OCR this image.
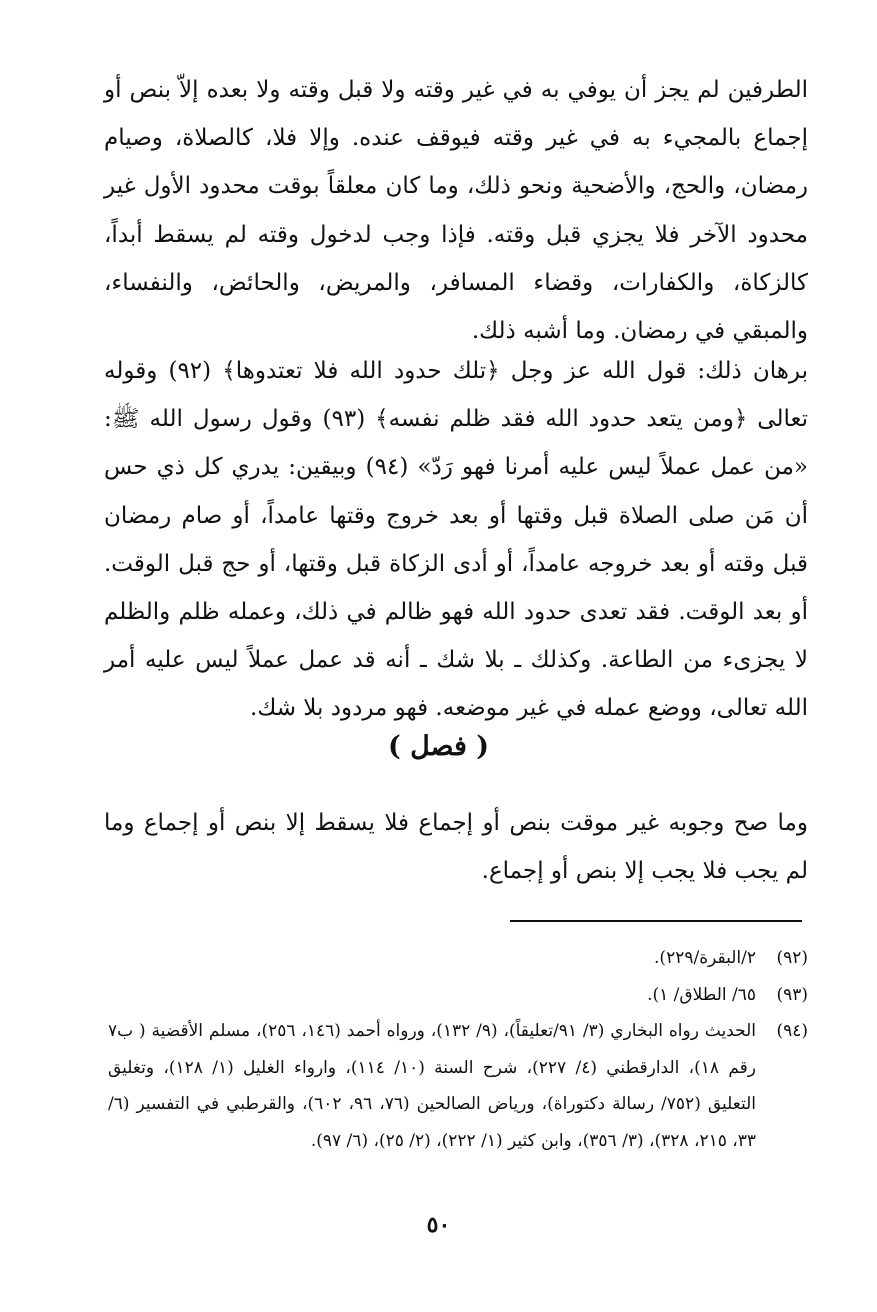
الطرفين لم يجز أن يوفي به في غير وقته ولا قبل وقته ولا بعده إلاّ بنص أو إجماع بالمجيء به في غير وقته فيوقف عنده. وإلا فلا، كالصلاة، وصيام رمضان، والحج، والأضحية ونحو ذلك، وما كان معلقاً بوقت محدود الأول غير محدود الآخر فلا يجزي قبل وقته. فإذا وجب لدخول وقته لم يسقط أبداً، كالزكاة، والكفارات، وقضاء المسافر، والمريض، والحائض، والنفساء، والمبقي في رمضان. وما أشبه ذلك.

برهان ذلك: قول الله عز وجل ﴿تلك حدود الله فلا تعتدوها﴾ (٩٢) وقوله تعالى ﴿ومن يتعد حدود الله فقد ظلم نفسه﴾ (٩٣) وقول رسول الله ﷺ: «من عمل عملاً ليس عليه أمرنا فهو رَدّ» (٩٤) وبيقين: يدري كل ذي حس أن مَن صلى الصلاة قبل وقتها أو بعد خروج وقتها عامداً، أو صام رمضان قبل وقته أو بعد خروجه عامداً، أو أدى الزكاة قبل وقتها، أو حج قبل الوقت. أو بعد الوقت. فقد تعدى حدود الله فهو ظالم في ذلك، وعمله ظلم والظلم لا يجزىء من الطاعة. وكذلك ـ بلا شك ـ أنه قد عمل عملاً ليس عليه أمر الله تعالى، ووضع عمله في غير موضعه. فهو مردود بلا شك.

( فصل )

وما صح وجوبه غير موقت بنص أو إجماع فلا يسقط إلا بنص أو إجماع وما لم يجب فلا يجب إلا بنص أو إجماع.

(٩٢)
٢/البقرة/٢٢٩).
(٩٣)
٦٥/ الطلاق/ ١).
(٩٤)
الحديث رواه البخاري (٣/ ٩١/تعليقاً)، (٩/ ١٣٢)، ورواه أحمد (١٤٦، ٢٥٦)، مسلم الأقضية ( ب٧ رقم ١٨)، الدارقطني (٤/ ٢٢٧)، شرح السنة (١٠/ ١١٤)، وارواء الغليل (١/ ١٢٨)، وتغليق التعليق (٧٥٢/ رسالة دكتوراة)، ورياض الصالحين (٧٦، ٩٦، ٦٠٢)، والقرطبي في التفسير (٦/ ٣٣، ٢١٥، ٣٢٨)، (٣/ ٣٥٦)، وابن كثير (١/ ٢٢٢)، (٢/ ٢٥)، (٦/ ٩٧).
٥٠
